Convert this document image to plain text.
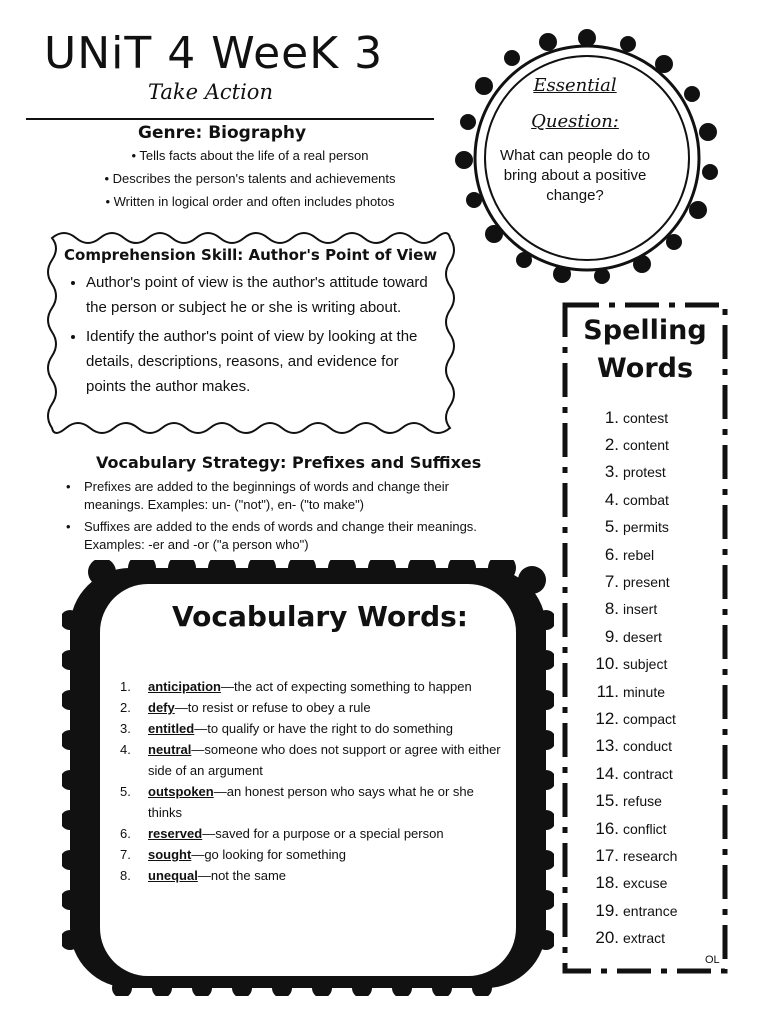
UNiT 4 WeeK 3
Take Action
Genre: Biography
• Tells facts about the life of a real person
• Describes the person's talents and achievements
• Written in logical order and often includes photos
Comprehension Skill: Author's Point of View
• Author's point of view is the author's attitude toward the person or subject he or she is writing about.
• Identify the author's point of view by looking at the details, descriptions, reasons, and evidence for points the author makes.
Vocabulary Strategy: Prefixes and Suffixes
• Prefixes are added to the beginnings of words and change their meanings. Examples: un- ("not"), en- ("to make")
• Suffixes are added to the ends of words and change their meanings. Examples: -er and -or ("a person who")
Vocabulary Words:
1.	anticipation—the act of expecting something to happen
2.	defy—to resist or refuse to obey a rule
3.	entitled—to qualify or have the right to do something
4.	neutral—someone who does not support or agree with either side of an argument
5.	outspoken—an honest person who says what he or she thinks
6.	reserved—saved for a purpose or a special person
7.	sought—go looking for something
8.	unequal—not the same
Essential Question:
What can people do to bring about a positive change?
Spelling
Words
1. contest
2. content
3. protest
4. combat
5. permits
6. rebel
7. present
8. insert
9. desert
10. subject
11. minute
12. compact
13. conduct
14. contract
15. refuse
16. conflict
17. research
18. excuse
19. entrance
20. extract
OL
